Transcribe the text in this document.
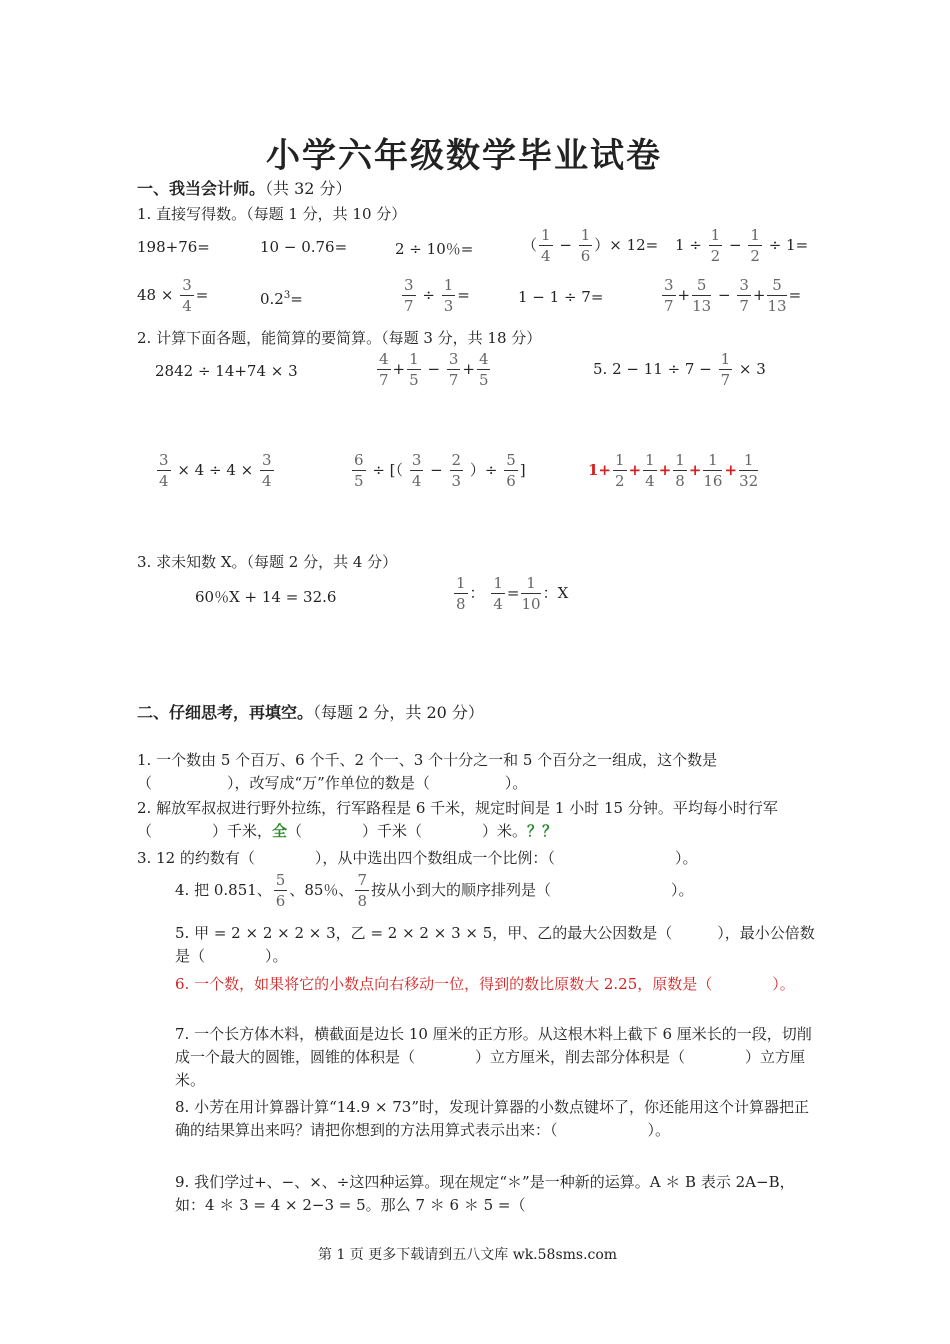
小学六年级数学毕业试卷
一、我当会计师。（共 32 分）
1. 直接写得数。（每题 1 分，共 10 分）
198+76=	10 − 0.76=	2 ÷ 10％=	（ $\frac{1}{4} - \frac{1}{6}$ ）× $12= 1 \div \frac{1}{2} - \frac{1}{2} \div 1=$
$48 \times \frac{3}{4}$ =	$0.2^3=$	$\frac{3}{7} \div \frac{1}{3}$ =	1 − 1 ÷ 7=	$\frac{3}{7} + \frac{5}{13} - \frac{3}{7} + \frac{5}{13}$ =
2. 计算下面各题，能简算的要简算。（每题 3 分，共 18 分）
2842 ÷ 14+74 × 3	$\frac{4}{7} + \frac{1}{5} - \frac{3}{7} + \frac{4}{5}$	5. $2 - 11 \div 7 - \frac{1}{7} \times 3$
$\frac{3}{4} \times 4 \div 4 \times \frac{3}{4}$	$\frac{6}{5}$ ÷ [（ $\frac{3}{4} - \frac{2}{3}$ ）÷ $\frac{5}{6}$ ]	$1+ \frac{1}{2} + \frac{1}{4} + \frac{1}{8} + \frac{1}{16} + \frac{1}{32}$
3. 求未知数 X。（每题 2 分，共 4 分）
60％X + 14 = 32.6	$\frac{1}{8}$ ： $\frac{1}{4} = \frac{1}{10}$ ：X
二、仔细思考，再填空。（每题 2 分，共 20 分）
1. 一个数由 5 个百万、6 个千、2 个一、3 个十分之一和 5 个百分之一组成，这个数是（　　　　　），改写成“万”作单位的数是（　　　　　）。
2. 解放军叔叔进行野外拉练，行军路程是 6 千米，规定时间是 1 小时 15 分钟。平均每小时行军（　　　　）千米，全（　　　　）千米（　　　　）米。？？
3. 12 的约数有（　　　　），从中选出四个数组成一个比例：（　　　　　　　　）。
4. 把 0.851、 $\frac{5}{6}$ 、85％、 $\frac{7}{8}$ 按从小到大的顺序排列是（　　　　　　　　）。
5. 甲 = 2 × 2 × 2 × 3，乙 = 2 × 2 × 3 × 5，甲、乙的最大公因数是（　　　），最小公倍数是（　　　　）。
6. 一个数，如果将它的小数点向右移动一位，得到的数比原数大 2.25，原数是（　　　　）。
7. 一个长方体木料，横截面是边长 10 厘米的正方形。从这根木料上截下 6 厘米长的一段，切削成一个最大的圆锥，圆锥的体积是（　　　　）立方厘米，削去部分体积是（　　　　）立方厘米。
8. 小芳在用计算器计算“14.9 × 73”时，发现计算器的小数点键坏了，你还能用这个计算器把正确的结果算出来吗？请把你想到的方法用算式表示出来：（　　　　　　）。
9. 我们学过+、−、×、÷这四种运算。现在规定“＊”是一种新的运算。A ＊ B 表示 2A−B，如：4 ＊ 3 = 4 × 2−3 = 5。那么 7 ＊ 6 ＊ 5 =（
第 1 页 更多下载请到五八文库 wk.58sms.com
